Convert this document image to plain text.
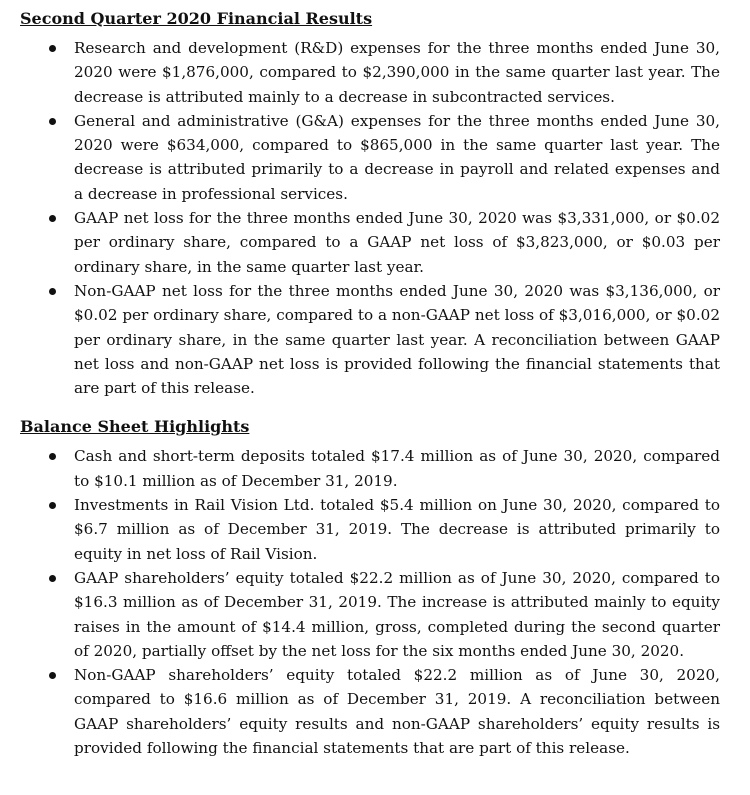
Second Quarter 2020 Financial Results
Research and development (R&D) expenses for the three months ended June 30, 2020 were $1,876,000, compared to $2,390,000 in the same quarter last year. The decrease is attributed mainly to a decrease in subcontracted services.
General and administrative (G&A) expenses for the three months ended June 30, 2020 were $634,000, compared to $865,000 in the same quarter last year. The decrease is attributed primarily to a decrease in payroll and related expenses and a decrease in professional services.
GAAP net loss for the three months ended June 30, 2020 was $3,331,000, or $0.02 per ordinary share, compared to a GAAP net loss of $3,823,000, or $0.03 per ordinary share, in the same quarter last year.
Non-GAAP net loss for the three months ended June 30, 2020 was $3,136,000, or $0.02 per ordinary share, compared to a non-GAAP net loss of $3,016,000, or $0.02 per ordinary share, in the same quarter last year. A reconciliation between GAAP net loss and non-GAAP net loss is provided following the financial statements that are part of this release.
Balance Sheet Highlights
Cash and short-term deposits totaled $17.4 million as of June 30, 2020, compared to $10.1 million as of December 31, 2019.
Investments in Rail Vision Ltd. totaled $5.4 million on June 30, 2020, compared to $6.7 million as of December 31, 2019. The decrease is attributed primarily to equity in net loss of Rail Vision.
GAAP shareholders’ equity totaled $22.2 million as of June 30, 2020, compared to $16.3 million as of December 31, 2019. The increase is attributed mainly to equity raises in the amount of $14.4 million, gross, completed during the second quarter of 2020, partially offset by the net loss for the six months ended June 30, 2020.
Non-GAAP shareholders’ equity totaled $22.2 million as of June 30, 2020, compared to $16.6 million as of December 31, 2019. A reconciliation between GAAP shareholders’ equity results and non-GAAP shareholders’ equity results is provided following the financial statements that are part of this release.
